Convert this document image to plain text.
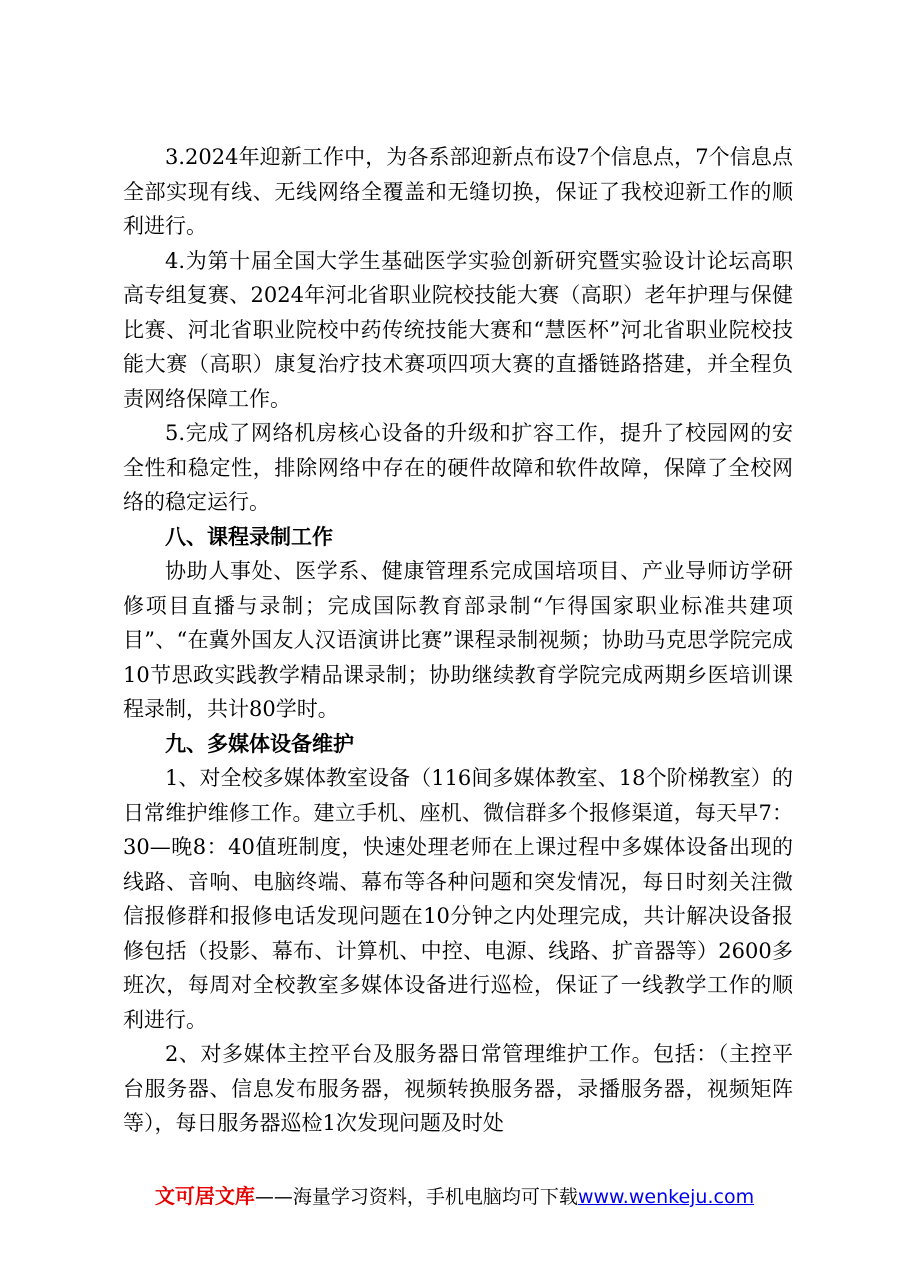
3.2024年迎新工作中，为各系部迎新点布设7个信息点，7个信息点全部实现有线、无线网络全覆盖和无缝切换，保证了我校迎新工作的顺利进行。

4.为第十届全国大学生基础医学实验创新研究暨实验设计论坛高职高专组复赛、2024年河北省职业院校技能大赛（高职）老年护理与保健比赛、河北省职业院校中药传统技能大赛和“慧医杯”河北省职业院校技能大赛（高职）康复治疗技术赛项四项大赛的直播链路搭建，并全程负责网络保障工作。

5.完成了网络机房核心设备的升级和扩容工作，提升了校园网的安全性和稳定性，排除网络中存在的硬件故障和软件故障，保障了全校网络的稳定运行。

八、课程录制工作

协助人事处、医学系、健康管理系完成国培项目、产业导师访学研修项目直播与录制；完成国际教育部录制“乍得国家职业标准共建项目”、“在冀外国友人汉语演讲比赛”课程录制视频；协助马克思学院完成10节思政实践教学精品课录制；协助继续教育学院完成两期乡医培训课程录制，共计80学时。

九、多媒体设备维护

1、对全校多媒体教室设备（116间多媒体教室、18个阶梯教室）的日常维护维修工作。建立手机、座机、微信群多个报修渠道，每天早7：30—晚8：40值班制度，快速处理老师在上课过程中多媒体设备出现的线路、音响、电脑终端、幕布等各种问题和突发情况，每日时刻关注微信报修群和报修电话发现问题在10分钟之内处理完成，共计解决设备报修包括（投影、幕布、计算机、中控、电源、线路、扩音器等）2600多班次，每周对全校教室多媒体设备进行巡检，保证了一线教学工作的顺利进行。

2、对多媒体主控平台及服务器日常管理维护工作。包括：（主控平台服务器、信息发布服务器，视频转换服务器，录播服务器，视频矩阵等），每日服务器巡检1次发现问题及时处

文可居文库——海量学习资料，手机电脑均可下载www.wenkeju.com
